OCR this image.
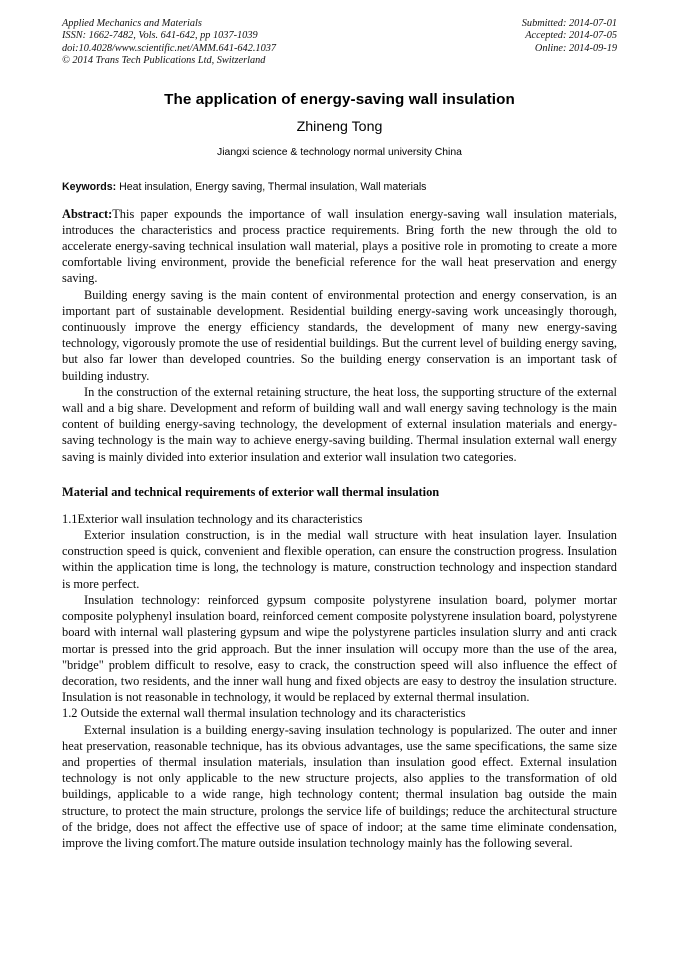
Applied Mechanics and Materials
ISSN: 1662-7482, Vols. 641-642, pp 1037-1039
doi:10.4028/www.scientific.net/AMM.641-642.1037
© 2014 Trans Tech Publications Ltd, Switzerland
Submitted: 2014-07-01
Accepted: 2014-07-05
Online: 2014-09-19
The application of energy-saving wall insulation
Zhineng Tong
Jiangxi science & technology normal university China
Keywords: Heat insulation, Energy saving, Thermal insulation, Wall materials
Abstract:This paper expounds the importance of wall insulation energy-saving wall insulation materials, introduces the characteristics and process practice requirements. Bring forth the new through the old to accelerate energy-saving technical insulation wall material, plays a positive role in promoting to create a more comfortable living environment, provide the beneficial reference for the wall heat preservation and energy saving.

Building energy saving is the main content of environmental protection and energy conservation, is an important part of sustainable development. Residential building energy-saving work unceasingly thorough, continuously improve the energy efficiency standards, the development of many new energy-saving technology, vigorously promote the use of residential buildings. But the current level of building energy saving, but also far lower than developed countries. So the building energy conservation is an important task of building industry.

In the construction of the external retaining structure, the heat loss, the supporting structure of the external wall and a big share. Development and reform of building wall and wall energy saving technology is the main content of building energy-saving technology, the development of external insulation materials and energy-saving technology is the main way to achieve energy-saving building. Thermal insulation external wall energy saving is mainly divided into exterior insulation and exterior wall insulation two categories.

Material and technical requirements of exterior wall thermal insulation

1.1Exterior wall insulation technology and its characteristics

Exterior insulation construction, is in the medial wall structure with heat insulation layer. Insulation construction speed is quick, convenient and flexible operation, can ensure the construction progress. Insulation within the application time is long, the technology is mature, construction technology and inspection standard is more perfect.

Insulation technology: reinforced gypsum composite polystyrene insulation board, polymer mortar composite polyphenyl insulation board, reinforced cement composite polystyrene insulation board, polystyrene board with internal wall plastering gypsum and wipe the polystyrene particles insulation slurry and anti crack mortar is pressed into the grid approach. But the inner insulation will occupy more than the use of the area, "bridge" problem difficult to resolve, easy to crack, the construction speed will also influence the effect of decoration, two residents, and the inner wall hung and fixed objects are easy to destroy the insulation structure. Insulation is not reasonable in technology, it would be replaced by external thermal insulation.

1.2 Outside the external wall thermal insulation technology and its characteristics

External insulation is a building energy-saving insulation technology is popularized. The outer and inner heat preservation, reasonable technique, has its obvious advantages, use the same specifications, the same size and properties of thermal insulation materials, insulation than insulation good effect. External insulation technology is not only applicable to the new structure projects, also applies to the transformation of old buildings, applicable to a wide range, high technology content; thermal insulation bag outside the main structure, to protect the main structure, prolongs the service life of buildings; reduce the architectural structure of the bridge, does not affect the effective use of space of indoor; at the same time eliminate condensation, improve the living comfort.The mature outside insulation technology mainly has the following several.
